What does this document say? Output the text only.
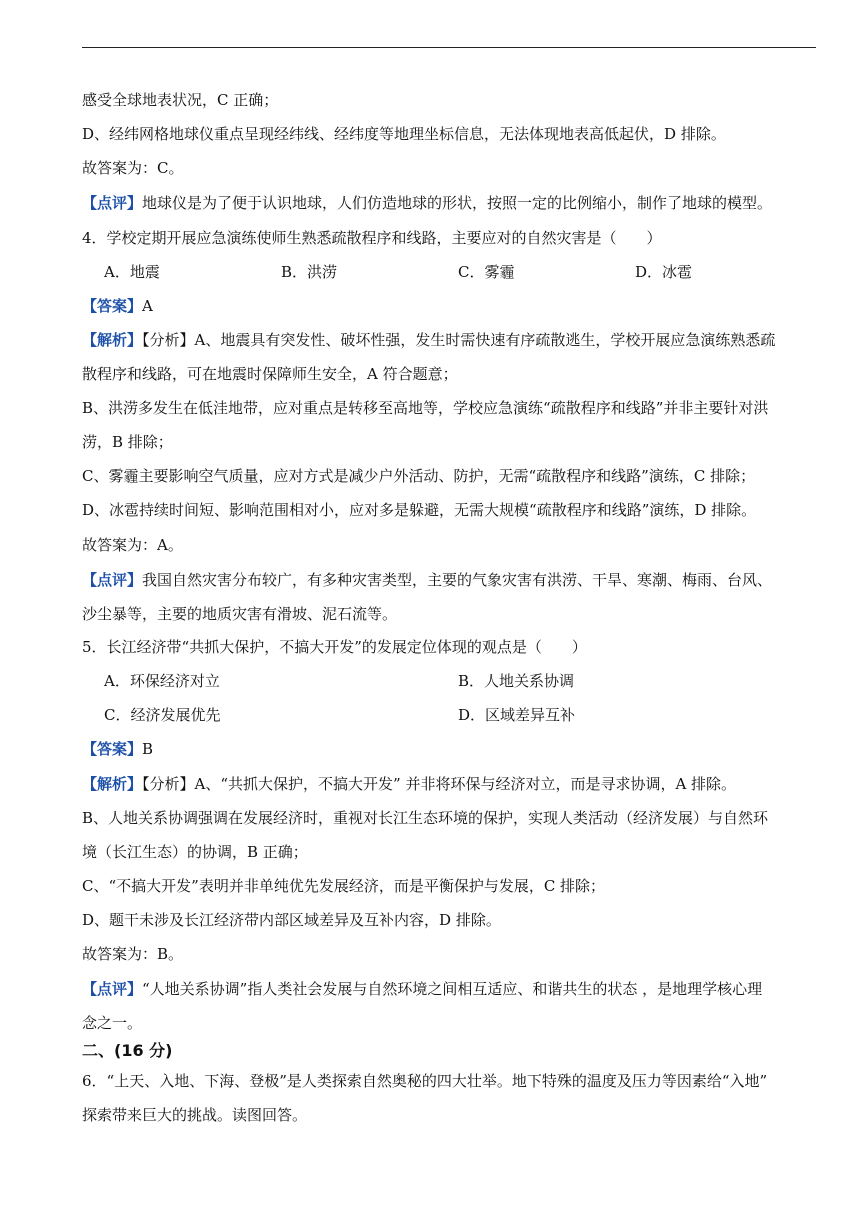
感受全球地表状况，C 正确；
D、经纬网格地球仪重点呈现经纬线、经纬度等地理坐标信息，无法体现地表高低起伏，D 排除。
故答案为：C。
【点评】地球仪是为了便于认识地球，人们仿造地球的形状，按照一定的比例缩小，制作了地球的模型。
4．学校定期开展应急演练使师生熟悉疏散程序和线路，主要应对的自然灾害是（　　）
A．地震	B．洪涝	C．雾霾	D．冰雹
【答案】A
【解析】【分析】A、地震具有突发性、破坏性强，发生时需快速有序疏散逃生，学校开展应急演练熟悉疏
散程序和线路，可在地震时保障师生安全，A 符合题意；
B、洪涝多发生在低洼地带，应对重点是转移至高地等，学校应急演练“疏散程序和线路”并非主要针对洪
涝，B 排除；
C、雾霾主要影响空气质量，应对方式是减少户外活动、防护，无需“疏散程序和线路”演练，C 排除；
D、冰雹持续时间短、影响范围相对小，应对多是躲避，无需大规模“疏散程序和线路”演练，D 排除。
故答案为：A。
【点评】我国自然灾害分布较广，有多种灾害类型，主要的气象灾害有洪涝、干旱、寒潮、梅雨、台风、
沙尘暴等，主要的地质灾害有滑坡、泥石流等。
5．长江经济带“共抓大保护，不搞大开发”的发展定位体现的观点是（　　）
A．环保经济对立	B．人地关系协调
C．经济发展优先	D．区域差异互补
【答案】B
【解析】【分析】A、“共抓大保护，不搞大开发” 并非将环保与经济对立，而是寻求协调，A 排除。
B、人地关系协调强调在发展经济时，重视对长江生态环境的保护，实现人类活动（经济发展）与自然环
境（长江生态）的协调，B 正确；
C、“不搞大开发”表明并非单纯优先发展经济，而是平衡保护与发展，C 排除；
D、题干未涉及长江经济带内部区域差异及互补内容，D 排除。
故答案为：B。
【点评】“人地关系协调”指人类社会发展与自然环境之间相互适应、和谐共生的状态 ，是地理学核心理
念之一。
二、(16 分)
6．“上天、入地、下海、登极”是人类探索自然奥秘的四大壮举。地下特殊的温度及压力等因素给“入地”
探索带来巨大的挑战。读图回答。
